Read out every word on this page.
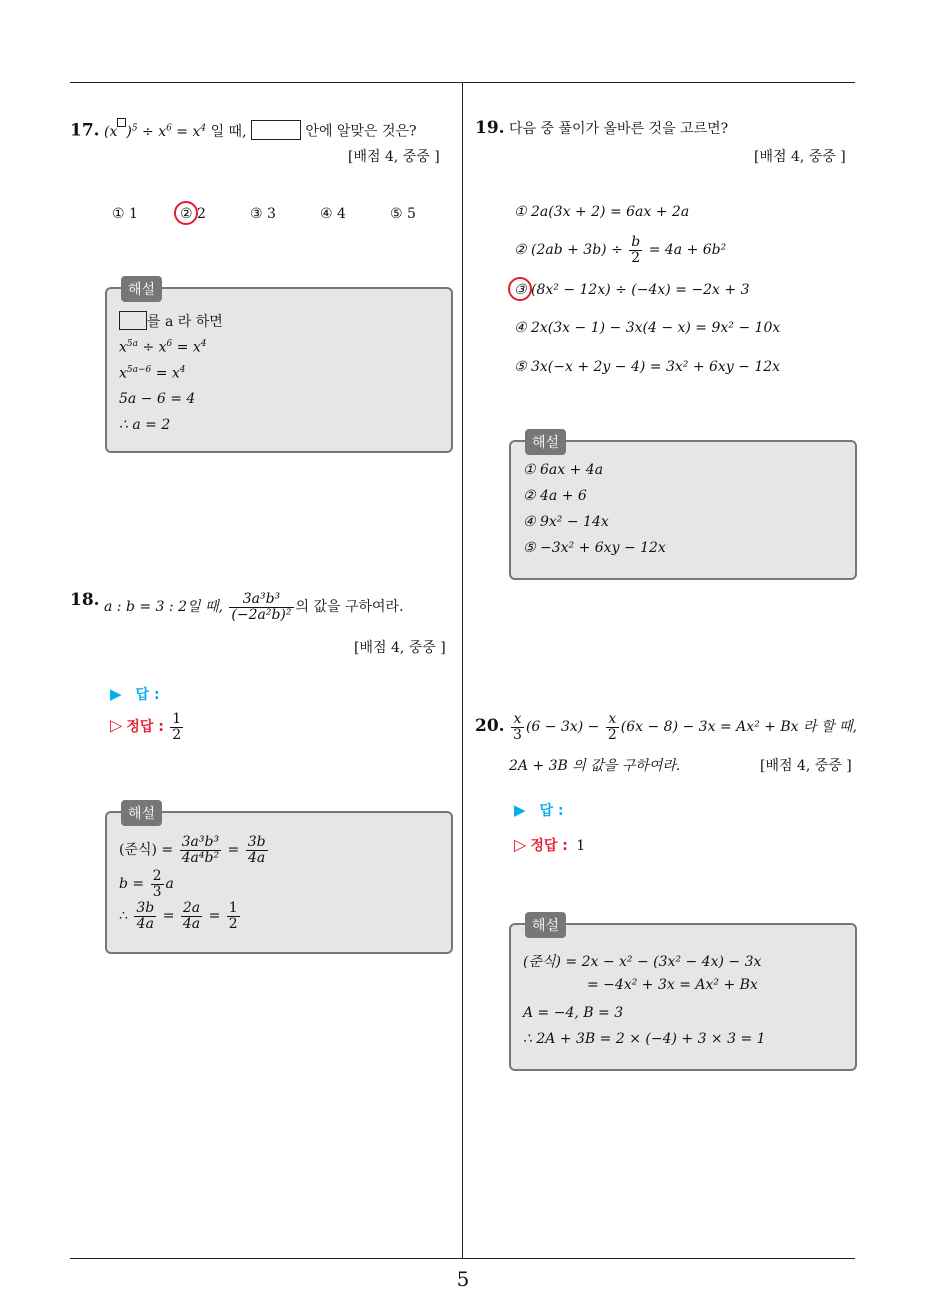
5
17. (x )$^5 \div x^6 = x^4$ 일 때,	안에 알맞은 것은?
[배점 4, 중중 ]
① 1	② 2	③ 3	④ 4	⑤ 5
해설
를 a 라 하면
$x^{5a} \div x^6 = x^4$
$x^{5a-6} = x^4$
5a − 6 = 4
∴ a = 2
18. a : b = 3 : 2일 때, $\frac{\text{3a³b³}}{\text{(−2a²b)²}}$ 의 값을 구하여라.
[배점 4, 중중 ]
▶ 답 :
▷ 정답 : $\frac{1}{2}$
해설
(준식) = $\frac{\text{3a³b³}}{\text{4a⁴b²}} = \frac{3b}{4a}$
$b = \frac{2}{3}$ a
∴ $\frac{3b}{4a} = \frac{2a}{4a} = \frac{1}{2}$
19. 다음 중 풀이가 올바른 것을 고르면?
[배점 4, 중중 ]
① 2a(3x + 2) = 6ax + 2a
② $(2ab + 3b) \div \frac{b}{2} = 4a + 6b^2$
③ (8x² − 12x) ÷ (−4x) = −2x + 3
④ 2x(3x − 1) − 3x(4 − x) = 9x² − 10x
⑤ 3x(−x + 2y − 4) = 3x² + 6xy − 12x
해설
① 6ax + 4a
② 4a + 6
④ 9x² − 14x
⑤ −3x² + 6xy − 12x
20. $\frac{x}{3} (6 - 3x) - \frac{x}{2} (6x - 8) - 3x = Ax^2 + Bx$ 라 할 때,
2A + 3B 의 값을 구하여라.	[배점 4, 중중 ]
▶ 답 :
▷ 정답 : 1
해설
(준식) = 2x − x² − (3x² − 4x) − 3x
= −4x² + 3x = Ax² + Bx
A = −4, B = 3
∴ 2A + 3B = 2 × (−4) + 3 × 3 = 1
